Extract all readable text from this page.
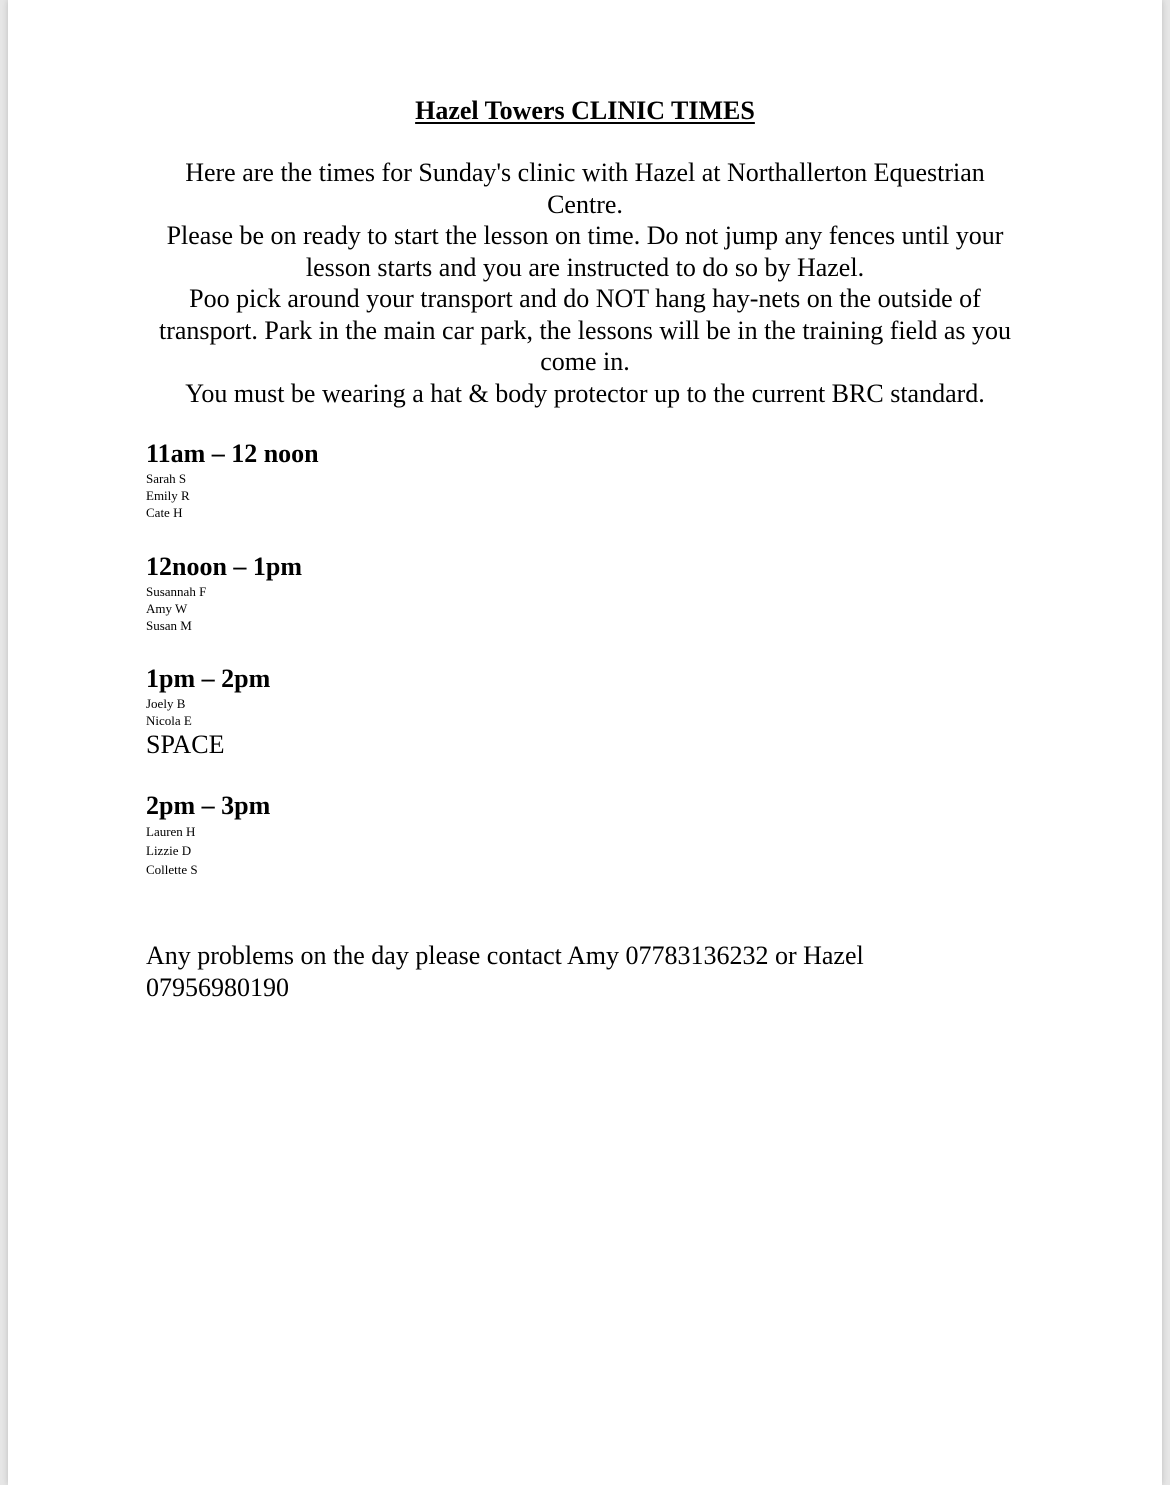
Hazel Towers CLINIC TIMES

Here are the times for Sunday's clinic with Hazel at Northallerton Equestrian Centre.

Please be on ready to start the lesson on time. Do not jump any fences until your lesson starts and you are instructed to do so by Hazel.

Poo pick around your transport and do NOT hang hay-nets on the outside of transport. Park in the main car park, the lessons will be in the training field as you come in.

You must be wearing a hat & body protector up to the current BRC standard.

11am – 12 noon
Sarah S
Emily R
Cate H
12noon – 1pm
Susannah F
Amy W
Susan M
1pm – 2pm
Joely B
Nicola E

SPACE

2pm – 3pm
Lauren H
Lizzie D
Collette S

Any problems on the day please contact Amy 07783136232 or Hazel 07956980190
